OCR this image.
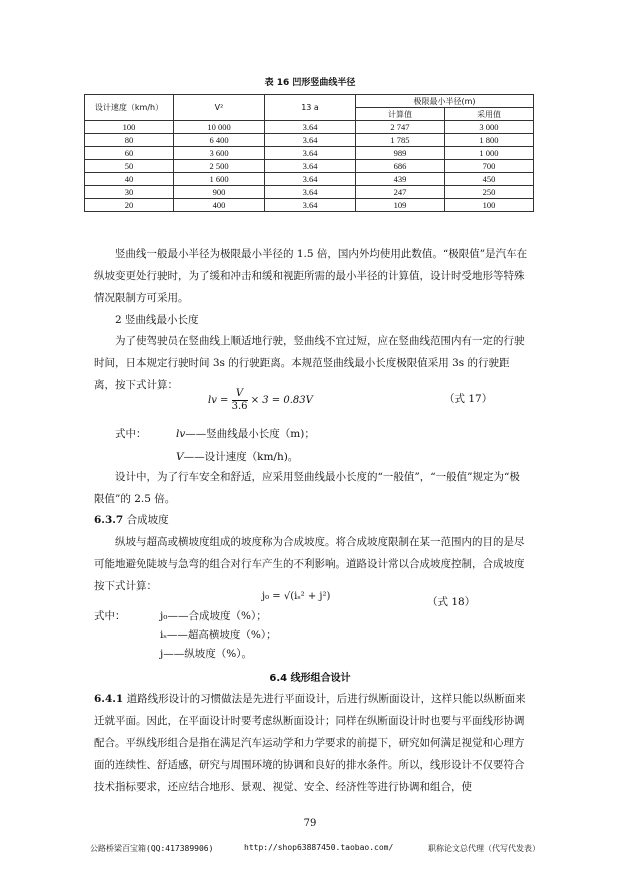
表 16 凹形竖曲线半径
设计速度（km/h）	V²	13 a	极限最小半径(m)	
			计算值	采用值
100	10 000	3.64	2 747	3 000
80	6 400	3.64	1 785	1 800
60	3 600	3.64	989	1 000
50	2 500	3.64	686	700
40	1 600	3.64	439	450
30	900	3.64	247	250
20	400	3.64	109	100
竖曲线一般最小半径为极限最小半径的 1.5 倍，国内外均使用此数值。“极限值”是汽车在纵坡变更处行驶时，为了缓和冲击和缓和视距所需的最小半径的计算值，设计时受地形等特殊情况限制方可采用。
2 竖曲线最小长度
为了使驾驶员在竖曲线上顺适地行驶，竖曲线不宜过短，应在竖曲线范围内有一定的行驶时间，日本规定行驶时间 3s 的行驶距离。本规范竖曲线最小长度极限值采用 3s 的行驶距离，按下式计算：
lv = $\frac{V}{3.6} \times 3 = 0.83V$	（式 17）
式中：	lv——竖曲线最小长度（m)；
V——设计速度（km/h)。
设计中，为了行车安全和舒适，应采用竖曲线最小长度的“一般值”，“一般值”规定为“极限值”的 2.5 倍。
6.3.7 合成坡度
纵坡与超高或横坡度组成的坡度称为合成坡度。将合成坡度限制在某一范围内的目的是尽可能地避免陡坡与急弯的组合对行车产生的不利影响。道路设计常以合成坡度控制，合成坡度按下式计算：
j₀ = √(iₛ² + j²)	（式 18）
式中：	j₀——合成坡度（%）；
iₛ——超高横坡度（%）；
j——纵坡度（%）。
6.4 线形组合设计
6.4.1 道路线形设计的习惯做法是先进行平面设计，后进行纵断面设计，这样只能以纵断面来迁就平面。因此，在平面设计时要考虑纵断面设计；同样在纵断面设计时也要与平面线形协调配合。平纵线形组合是指在满足汽车运动学和力学要求的前提下，研究如何满足视觉和心理方面的连续性、舒适感，研究与周围环境的协调和良好的排水条件。所以，线形设计不仅要符合技术指标要求，还应结合地形、景观、视觉、安全、经济性等进行协调和组合，使
79
公路桥梁百宝箱(QQ:417389906)	http://shop63887450.taobao.com/	职称论文总代理（代写代发表）
